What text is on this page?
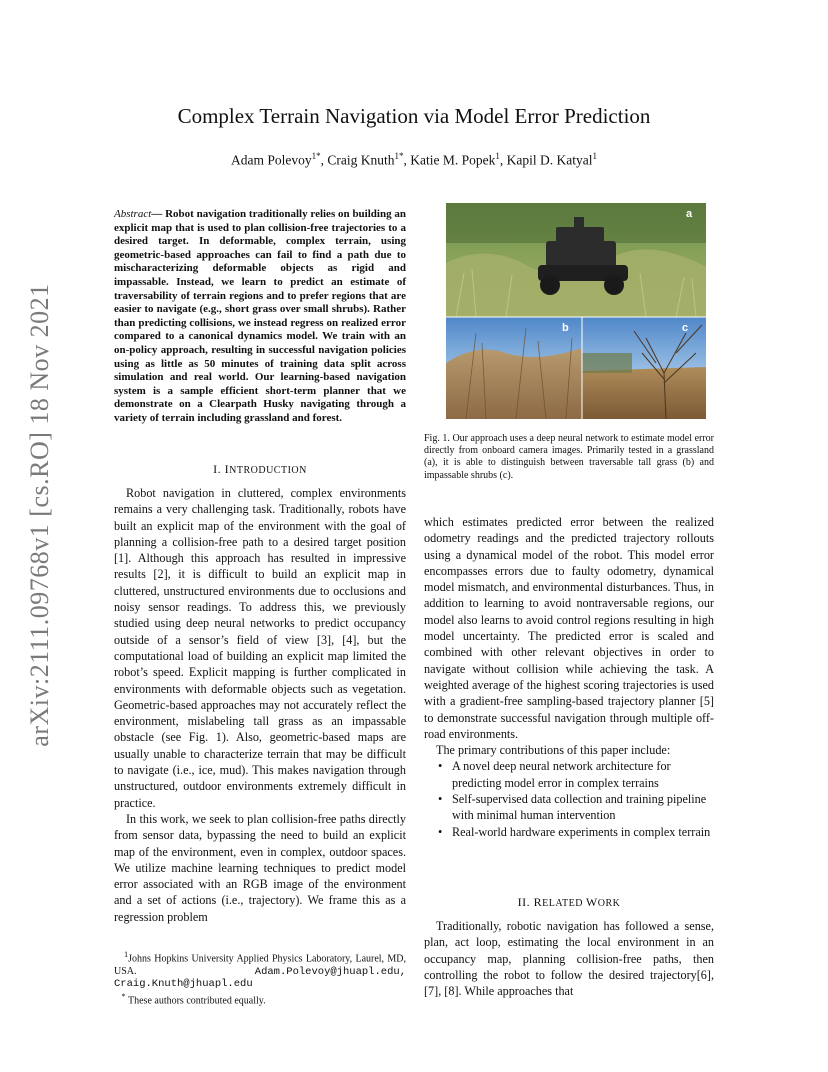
arXiv:2111.09768v1 [cs.RO] 18 Nov 2021
Complex Terrain Navigation via Model Error Prediction
Adam Polevoy$^{1*}$, Craig Knuth$^{1*}$, Katie M. Popek$^1$, Kapil D. Katyal$^1$
Abstract— Robot navigation traditionally relies on building an explicit map that is used to plan collision-free trajectories to a desired target. In deformable, complex terrain, using geometric-based approaches can fail to find a path due to mischaracterizing deformable objects as rigid and impassable. Instead, we learn to predict an estimate of traversability of terrain regions and to prefer regions that are easier to navigate (e.g., short grass over small shrubs). Rather than predicting collisions, we instead regress on realized error compared to a canonical dynamics model. We train with an on-policy approach, resulting in successful navigation policies using as little as 50 minutes of training data split across simulation and real world. Our learning-based navigation system is a sample efficient short-term planner that we demonstrate on a Clearpath Husky navigating through a variety of terrain including grassland and forest.
I. INTRODUCTION

Robot navigation in cluttered, complex environments remains a very challenging task. Traditionally, robots have built an explicit map of the environment with the goal of planning a collision-free path to a desired target position [1]. Although this approach has resulted in impressive results [2], it is difficult to build an explicit map in cluttered, unstructured environments due to occlusions and noisy sensor readings. To address this, we previously studied using deep neural networks to predict occupancy outside of a sensor’s field of view [3], [4], but the computational load of building an explicit map limited the robot’s speed. Explicit mapping is further complicated in environments with deformable objects such as vegetation. Geometric-based approaches may not accurately reflect the environment, mislabeling tall grass as an impassable obstacle (see Fig. 1). Also, geometric-based maps are usually unable to characterize terrain that may be difficult to navigate (i.e., ice, mud). This makes navigation through unstructured, outdoor environments extremely difficult in practice.

In this work, we seek to plan collision-free paths directly from sensor data, bypassing the need to build an explicit map of the environment, even in complex, outdoor spaces. We utilize machine learning techniques to predict model error associated with an RGB image of the environment and a set of actions (i.e., trajectory). We frame this as a regression problem

$^1$Johns Hopkins University Applied Physics Laboratory, Laurel, MD, USA.	Adam.Polevoy@jhuapl.edu, Craig.Knuth@jhuapl.edu
* These authors contributed equally.
a
b	c
Fig. 1. Our approach uses a deep neural network to estimate model error directly from onboard camera images. Primarily tested in a grassland (a), it is able to distinguish between traversable tall grass (b) and impassable shrubs (c).

which estimates predicted error between the realized odometry readings and the predicted trajectory rollouts using a dynamical model of the robot. This model error encompasses errors due to faulty odometry, dynamical model mismatch, and environmental disturbances. Thus, in addition to learning to avoid nontraversable regions, our model also learns to avoid control regions resulting in high model uncertainty. The predicted error is scaled and combined with other relevant objectives in order to navigate without collision while achieving the task. A weighted average of the highest scoring trajectories is used with a gradient-free sampling-based trajectory planner [5] to demonstrate successful navigation through multiple off-road environments.

The primary contributions of this paper include:

• A novel deep neural network architecture for predicting model error in complex terrains
• Self-supervised data collection and training pipeline with minimal human intervention
• Real-world hardware experiments in complex terrain
II. RELATED WORK

Traditionally, robotic navigation has followed a sense, plan, act loop, estimating the local environment in an occupancy map, planning collision-free paths, then controlling the robot to follow the desired trajectory[6], [7], [8]. While approaches that
